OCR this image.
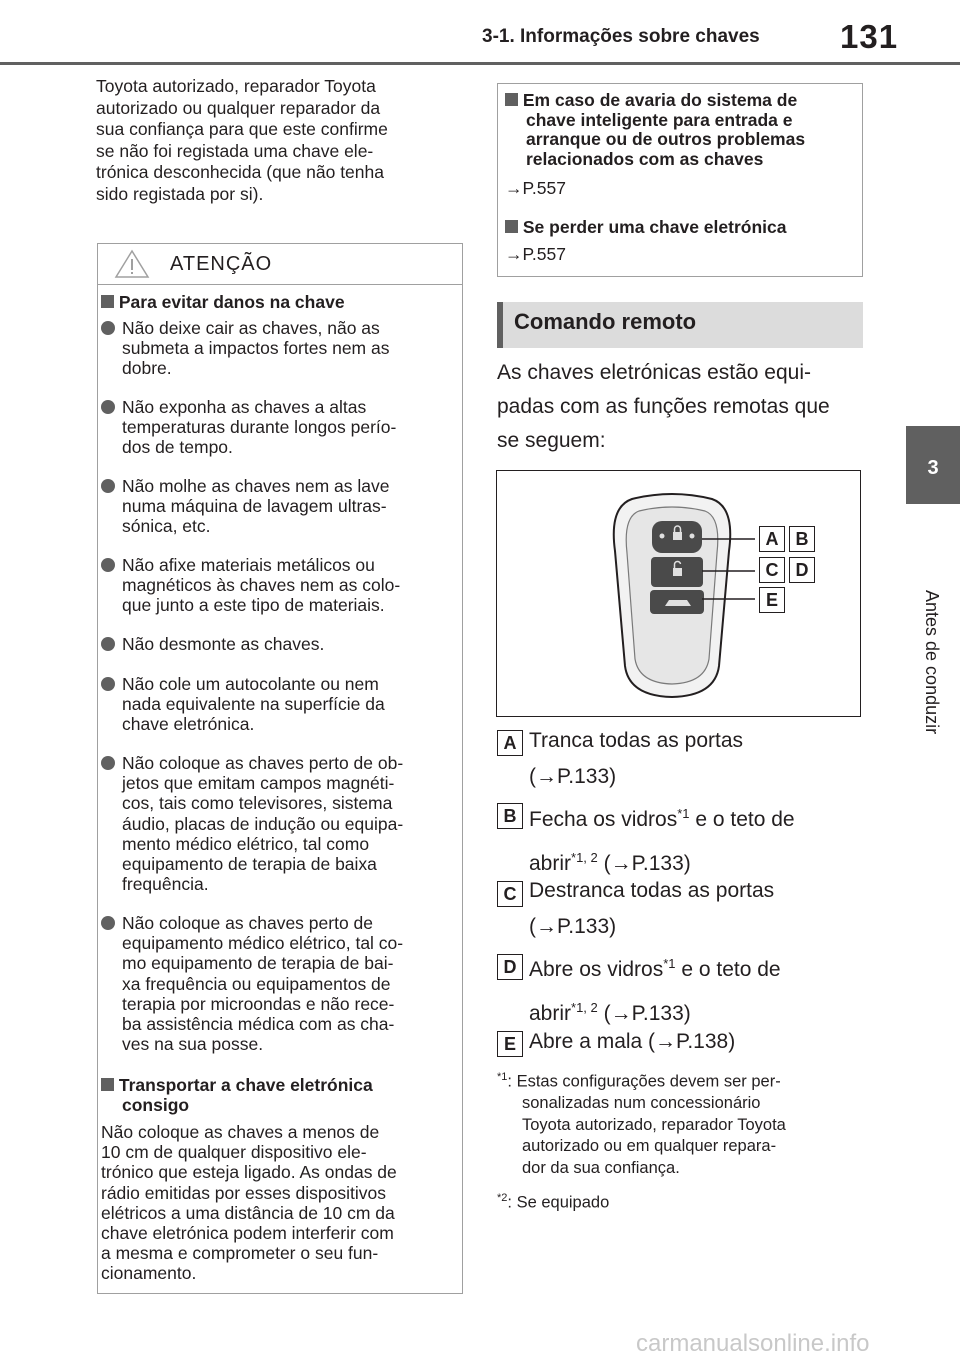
3-1. Informações sobre chaves 131
3
Antes de conduzir
Toyota autorizado, reparador Toyota
autorizado ou qualquer reparador da
sua confiança para que este confirme
se não foi registada uma chave ele-
trónica desconhecida (que não tenha
sido registada por si).
ATENÇÃO
Para evitar danos na chave
Não deixe cair as chaves, não as
submeta a impactos fortes nem as
dobre.
Não exponha as chaves a altas
temperaturas durante longos perío-
dos de tempo.
Não molhe as chaves nem as lave
numa máquina de lavagem ultras-
sónica, etc.
Não afixe materiais metálicos ou
magnéticos às chaves nem as colo-
que junto a este tipo de materiais.
Não desmonte as chaves.
Não cole um autocolante ou nem
nada equivalente na superfície da
chave eletrónica.
Não coloque as chaves perto de ob-
jetos que emitam campos magnéti-
cos, tais como televisores, sistema
áudio, placas de indução ou equipa-
mento médico elétrico, tal como
equipamento de terapia de baixa
frequência.
Não coloque as chaves perto de
equipamento médico elétrico, tal co-
mo equipamento de terapia de bai-
xa frequência ou equipamentos de
terapia por microondas e não rece-
ba assistência médica com as cha-
ves na sua posse.
Transportar a chave eletrónica
consigo
Não coloque as chaves a menos de
10 cm de qualquer dispositivo ele-
trónico que esteja ligado. As ondas de
rádio emitidas por esses dispositivos
elétricos a uma distância de 10 cm da
chave eletrónica podem interferir com
a mesma e comprometer o seu fun-
cionamento.
Em caso de avaria do sistema de
chave inteligente para entrada e
arranque ou de outros problemas
relacionados com as chaves
→P.557
Se perder uma chave eletrónica
→P.557
Comando remoto
As chaves eletrónicas estão equi-
padas com as funções remotas que
se seguem:
A B
C D
E
A Tranca todas as portas
(→P.133)
B Fecha os vidros$^{*1}$ e o teto de
abrir$^{*1, 2}$ (→P.133)
C Destranca todas as portas
(→P.133)
D Abre os vidros$^{*1}$ e o teto de
abrir$^{*1, 2}$ (→P.133)
E Abre a mala (→P.138)
$^{*1}$: Estas configurações devem ser per-
sonalizadas num concessionário
Toyota autorizado, reparador Toyota
autorizado ou em qualquer repara-
dor da sua confiança.
$^{*2}$: Se equipado
carmanualsonline.info
